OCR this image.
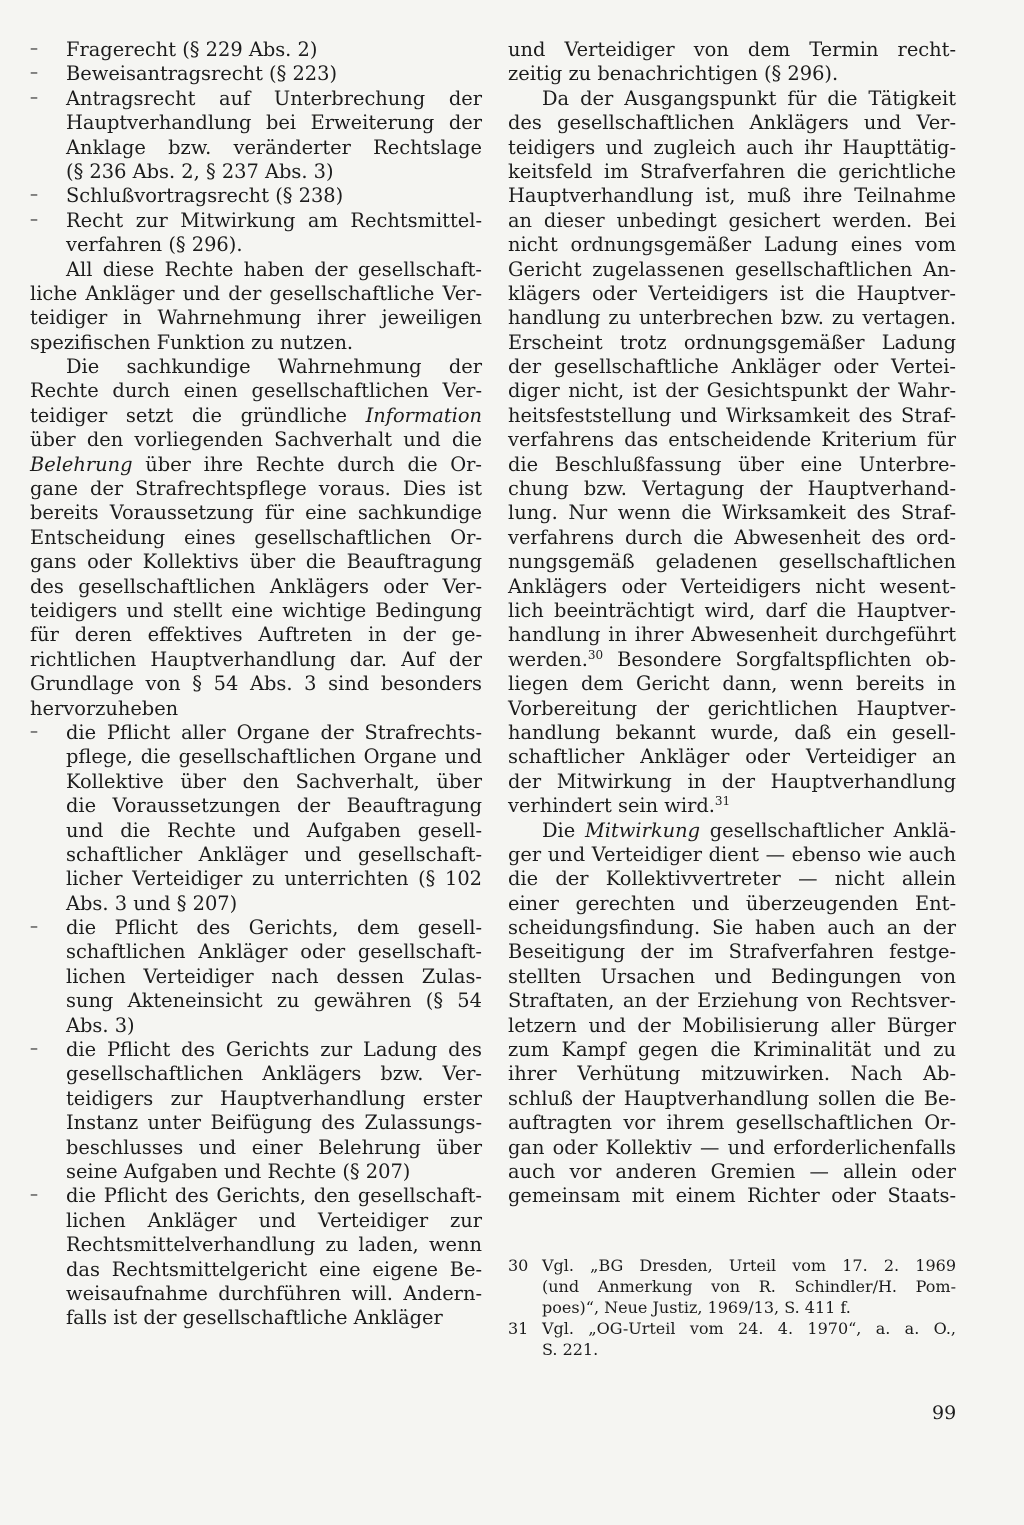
–	Fragerecht (§ 229 Abs. 2)
–	Beweisantragsrecht (§ 223)
–	Antragsrecht auf Unterbrechung der
Hauptverhandlung bei Erweiterung der
Anklage bzw. veränderter Rechtslage
(§ 236 Abs. 2, § 237 Abs. 3)
–	Schlußvortragsrecht (§ 238)
–	Recht zur Mitwirkung am Rechtsmittel-
verfahren (§ 296).
All diese Rechte haben der gesellschaft-
liche Ankläger und der gesellschaftliche Ver-
teidiger in Wahrnehmung ihrer jeweiligen
spezifischen Funktion zu nutzen.
Die sachkundige Wahrnehmung der
Rechte durch einen gesellschaftlichen Ver-
teidiger setzt die gründliche Information
über den vorliegenden Sachverhalt und die
Belehrung über ihre Rechte durch die Or-
gane der Strafrechtspflege voraus. Dies ist
bereits Voraussetzung für eine sachkundige
Entscheidung eines gesellschaftlichen Or-
gans oder Kollektivs über die Beauftragung
des gesellschaftlichen Anklägers oder Ver-
teidigers und stellt eine wichtige Bedingung
für deren effektives Auftreten in der ge-
richtlichen Hauptverhandlung dar. Auf der
Grundlage von § 54 Abs. 3 sind besonders
hervorzuheben
–	die Pflicht aller Organe der Strafrechts-
pflege, die gesellschaftlichen Organe und
Kollektive über den Sachverhalt, über
die Voraussetzungen der Beauftragung
und die Rechte und Aufgaben gesell-
schaftlicher Ankläger und gesellschaft-
licher Verteidiger zu unterrichten (§ 102
Abs. 3 und § 207)
–	die Pflicht des Gerichts, dem gesell-
schaftlichen Ankläger oder gesellschaft-
lichen Verteidiger nach dessen Zulas-
sung Akteneinsicht zu gewähren (§ 54
Abs. 3)
–	die Pflicht des Gerichts zur Ladung des
gesellschaftlichen Anklägers bzw. Ver-
teidigers zur Hauptverhandlung erster
Instanz unter Beifügung des Zulassungs-
beschlusses und einer Belehrung über
seine Aufgaben und Rechte (§ 207)
–	die Pflicht des Gerichts, den gesellschaft-
lichen Ankläger und Verteidiger zur
Rechtsmittelverhandlung zu laden, wenn
das Rechtsmittelgericht eine eigene Be-
weisaufnahme durchführen will. Andern-
falls ist der gesellschaftliche Ankläger
und Verteidiger von dem Termin recht-
zeitig zu benachrichtigen (§ 296).
Da der Ausgangspunkt für die Tätigkeit
des gesellschaftlichen Anklägers und Ver-
teidigers und zugleich auch ihr Haupttätig-
keitsfeld im Strafverfahren die gerichtliche
Hauptverhandlung ist, muß ihre Teilnahme
an dieser unbedingt gesichert werden. Bei
nicht ordnungsgemäßer Ladung eines vom
Gericht zugelassenen gesellschaftlichen An-
klägers oder Verteidigers ist die Hauptver-
handlung zu unterbrechen bzw. zu vertagen.
Erscheint trotz ordnungsgemäßer Ladung
der gesellschaftliche Ankläger oder Vertei-
diger nicht, ist der Gesichtspunkt der Wahr-
heitsfeststellung und Wirksamkeit des Straf-
verfahrens das entscheidende Kriterium für
die Beschlußfassung über eine Unterbre-
chung bzw. Vertagung der Hauptverhand-
lung. Nur wenn die Wirksamkeit des Straf-
verfahrens durch die Abwesenheit des ord-
nungsgemäß geladenen gesellschaftlichen
Anklägers oder Verteidigers nicht wesent-
lich beeinträchtigt wird, darf die Hauptver-
handlung in ihrer Abwesenheit durchgeführt
werden.$^{30}$ Besondere Sorgfaltspflichten ob-
liegen dem Gericht dann, wenn bereits in
Vorbereitung der gerichtlichen Hauptver-
handlung bekannt wurde, daß ein gesell-
schaftlicher Ankläger oder Verteidiger an
der Mitwirkung in der Hauptverhandlung
verhindert sein wird.$^{31}$
Die Mitwirkung gesellschaftlicher Anklä-
ger und Verteidiger dient — ebenso wie auch
die der Kollektivvertreter — nicht allein
einer gerechten und überzeugenden Ent-
scheidungsfindung. Sie haben auch an der
Beseitigung der im Strafverfahren festge-
stellten Ursachen und Bedingungen von
Straftaten, an der Erziehung von Rechtsver-
letzern und der Mobilisierung aller Bürger
zum Kampf gegen die Kriminalität und zu
ihrer Verhütung mitzuwirken. Nach Ab-
schluß der Hauptverhandlung sollen die Be-
auftragten vor ihrem gesellschaftlichen Or-
gan oder Kollektiv — und erforderlichenfalls
auch vor anderen Gremien — allein oder
gemeinsam mit einem Richter oder Staats-
30 Vgl. „BG Dresden, Urteil vom 17. 2. 1969
(und Anmerkung von R. Schindler/H. Pom-
poes)“, Neue Justiz, 1969/13, S. 411 f.
31 Vgl. „OG-Urteil vom 24. 4. 1970“, a. a. O.,
S. 221.
99
